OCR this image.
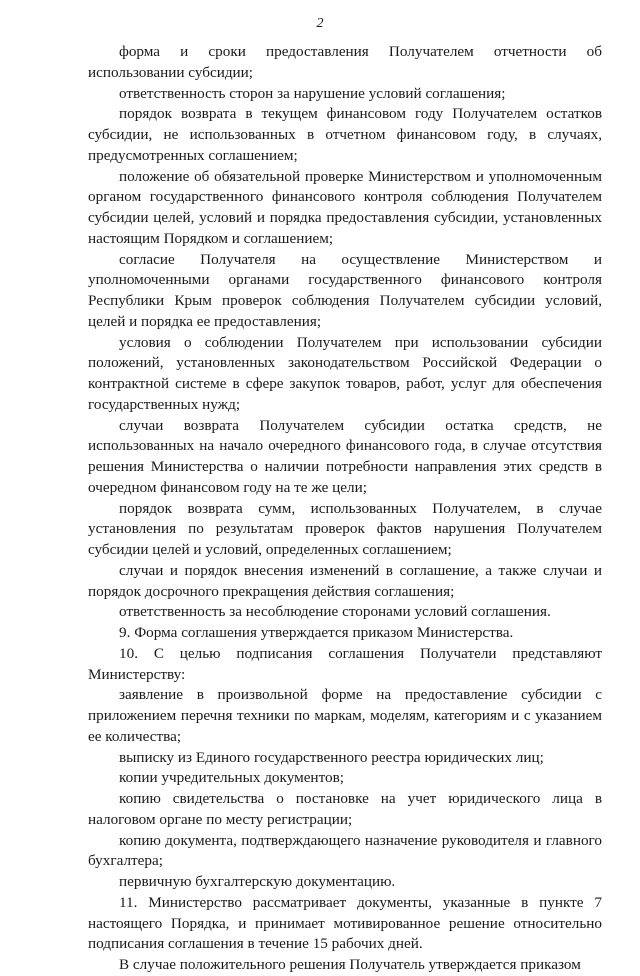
2

форма и сроки предоставления Получателем отчетности об использовании субсидии;

ответственность сторон за нарушение условий соглашения;

порядок возврата в текущем финансовом году Получателем остатков субсидии, не использованных в отчетном финансовом году, в случаях, предусмотренных соглашением;

положение об обязательной проверке Министерством и уполномоченным органом государственного финансового контроля соблюдения Получателем субсидии целей, условий и порядка предоставления субсидии, установленных настоящим Порядком и соглашением;

согласие Получателя на осуществление Министерством и уполномоченными органами государственного финансового контроля Республики Крым проверок соблюдения Получателем субсидии условий, целей и порядка ее предоставления;

условия о соблюдении Получателем при использовании субсидии положений, установленных законодательством Российской Федерации о контрактной системе в сфере закупок товаров, работ, услуг для обеспечения государственных нужд;

случаи возврата Получателем субсидии остатка средств, не использованных на начало очередного финансового года, в случае отсутствия решения Министерства о наличии потребности направления этих средств в очередном финансовом году на те же цели;

порядок возврата сумм, использованных Получателем, в случае установления по результатам проверок фактов нарушения Получателем субсидии целей и условий, определенных соглашением;

случаи и порядок внесения изменений в соглашение, а также случаи и порядок досрочного прекращения действия соглашения;

ответственность за несоблюдение сторонами условий соглашения.

9. Форма соглашения утверждается приказом Министерства.

10. С целью подписания соглашения Получатели представляют Министерству:

заявление в произвольной форме на предоставление субсидии с приложением перечня техники по маркам, моделям, категориям и с указанием ее количества;

выписку из Единого государственного реестра юридических лиц;

копии учредительных документов;

копию свидетельства о постановке на учет юридического лица в налоговом органе по месту регистрации;

копию документа, подтверждающего назначение руководителя и главного бухгалтера;

первичную бухгалтерскую документацию.

11. Министерство рассматривает документы, указанные в пункте 7 настоящего Порядка, и принимает мотивированное решение относительно подписания соглашения в течение 15 рабочих дней.

В случае положительного решения Получатель утверждается приказом
